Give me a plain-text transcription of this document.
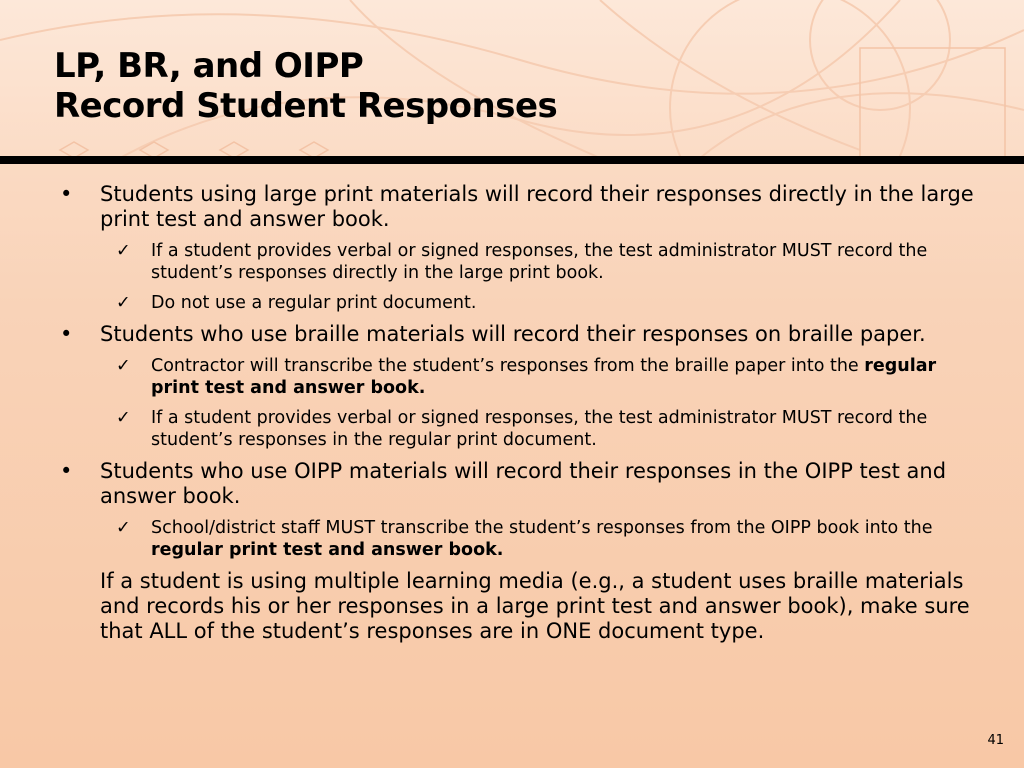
LP, BR, and OIPP
Record Student Responses
•	Students using large print materials will record their responses directly in the large print test and answer book.
✓	If a student provides verbal or signed responses, the test administrator MUST record the student’s responses directly in the large print book.
✓	Do not use a regular print document.
•	Students who use braille materials will record their responses on braille paper.
✓	Contractor will transcribe the student’s responses from the braille paper into the regular print test and answer book.
✓	If a student provides verbal or signed responses, the test administrator MUST record the student’s responses in the regular print document.
•	Students who use OIPP materials will record their responses in the OIPP test and answer book.
✓	School/district staff MUST transcribe the student’s responses from the OIPP book into the regular print test and answer book.
If a student is using multiple learning media (e.g., a student uses braille materials and records his or her responses in a large print test and answer book), make sure that ALL of the student’s responses are in ONE document type.
41
